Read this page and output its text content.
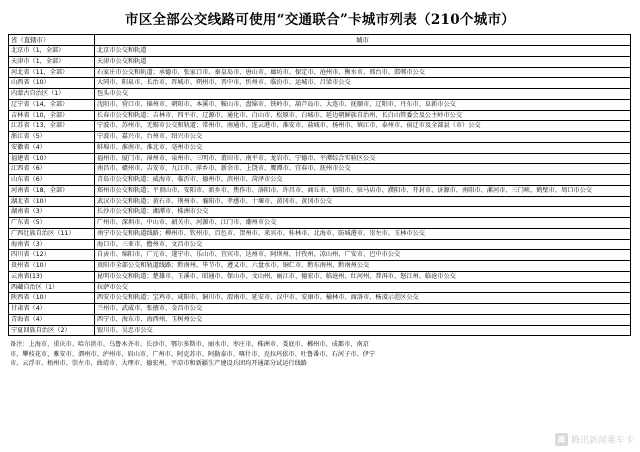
市区全部公交线路可使用“交通联合”卡城市列表（210个城市）
省（直辖市）	城市
北京市（1，全部）	北京市公交和轨道
天津市（1，全部）	天津市公交和轨道
河北省（11，全部）	石家庄市公交和轨道；承德市、张家口市、秦皇岛市、唐山市、廊坊市、保定市、沧州市、衡水市、邢台市、邯郸市公交
山西省（10）	大同市、阳泉市、长治市、晋城市、朔州市、晋中市、忻州市、临汾市、运城市、吕梁市公交
内蒙古自治区（1）	包头市公交
辽宁省（14，全部）	沈阳市、营口市、锦州市、朝阳市、本溪市、鞍山市、盘锦市、铁岭市、葫芦岛市、大连市、抚顺市、辽阳市、丹东市、阜新市公交
吉林省（10，全部）	长春市公交和轨道；吉林市、四平市、辽源市、通化市、白山市、松原市、白城市、延边朝鲜族自治州、长白山管委会及公主岭市公交
江苏省（13，全部）	宁波市、苏州市、无锡市公交和轨道；常州市、南通市、连云港市、淮安市、盐城市、扬州市、镇江市、泰州市、宿迁市及全部县（市）公交
浙江省（5）	宁波市、嘉兴市、台州市、绍兴市公交
安徽省（4）	蚌埠市、淮南市、淮北市、亳州市公交
福建省（10）	福州市、厦门市、漳州市、泉州市、三明市、莆田市、南平市、龙岩市、宁德市、平潭综合实验区公交
江西省（6）	南昌市、赣州市、吉安市、九江市、萍乡市、新余市、上饶市、鹰潭市、宜春市、抚州市公交
山东省（6）	青岛市公交和轨道；威海市、临沂市、德州市、滨州市、菏泽市公交
河南省（18，全部）	郑州市公交和轨道；平顶山市、安阳市、新乡市、焦作市、洛阳市、许昌市、商丘市、信阳市、驻马店市、濮阳市、开封市、济源市、南阳市、漯河市、三门峡、鹤壁市、周口市公交
湖北省（10）	武汉市公交和轨道；黄石市、荆州市、襄阳市、孝感市、十堰市、黄冈市、黄冈市公交
湖南省（3）	长沙市公交和轨道；湘潭市、株洲市公交
广东省（5）	广州市、深圳市、中山市、韶关市、河源市、江门市、潮州市公交
广西壮族自治区（11）	南宁市公交和轨道线路；柳州市、钦州市、百色市、贺州市、来宾市、桂林市、北海市、防城港市、崇左市、玉林市公交
海南省（3）	海口市、三亚市、儋州市、文昌市公交
四川省（12）	自贡市、绵阳市、广元市、遂宁市、乐山市、宜宾市、达州市、阿坝州、甘孜州、凉山州、广安市、巴中市公交
贵州省（10）	贵阳市全部公交和轨道线路；黔南州、毕节市、遵义市、六盘水市、铜仁市、黔东南州、黔南州公交
云南省(13)	昆明市公交和轨道；楚雄市、玉溪市、昭通市、保山市、文山州、丽江市、德宏市、临沧州、红河州、普洱市、怒江州、临沧市公交
西藏自治区（1）	拉萨市公交
陕西省（10）	西安市公交和轨道；宝鸡市、咸阳市、铜川市、渭南市、延安市、汉中市、安康市、榆林市、商洛市、杨凌示范区公交
甘肃省（4）	兰州市、武威市、张掖市、金昌市公交
青海省（4）	西宁市、海东市、海西州、玉树州公交
宁夏回族自治区（2）	银川市、吴忠市公交
备注：上海市、重庆市、哈尔滨市、乌鲁木齐市、长沙市、鄂尔多斯市、丽水市、枣庄市、株洲市、娄底市、郴州市、成都市、南京
市、攀枝花市、雅安市、泗州市、泸州市、眉山市、广州市、阿克苏市、阿勒泰市、喀什市、克拉玛依市、吐鲁番市、石河子市、伊宁
市、云浮市、梧州市、崇左市、曲靖市、大理市、德宏州、平凉市和新疆生产建设兵团均开通部分试运行线路
腾 腾讯新闻乘车卡
